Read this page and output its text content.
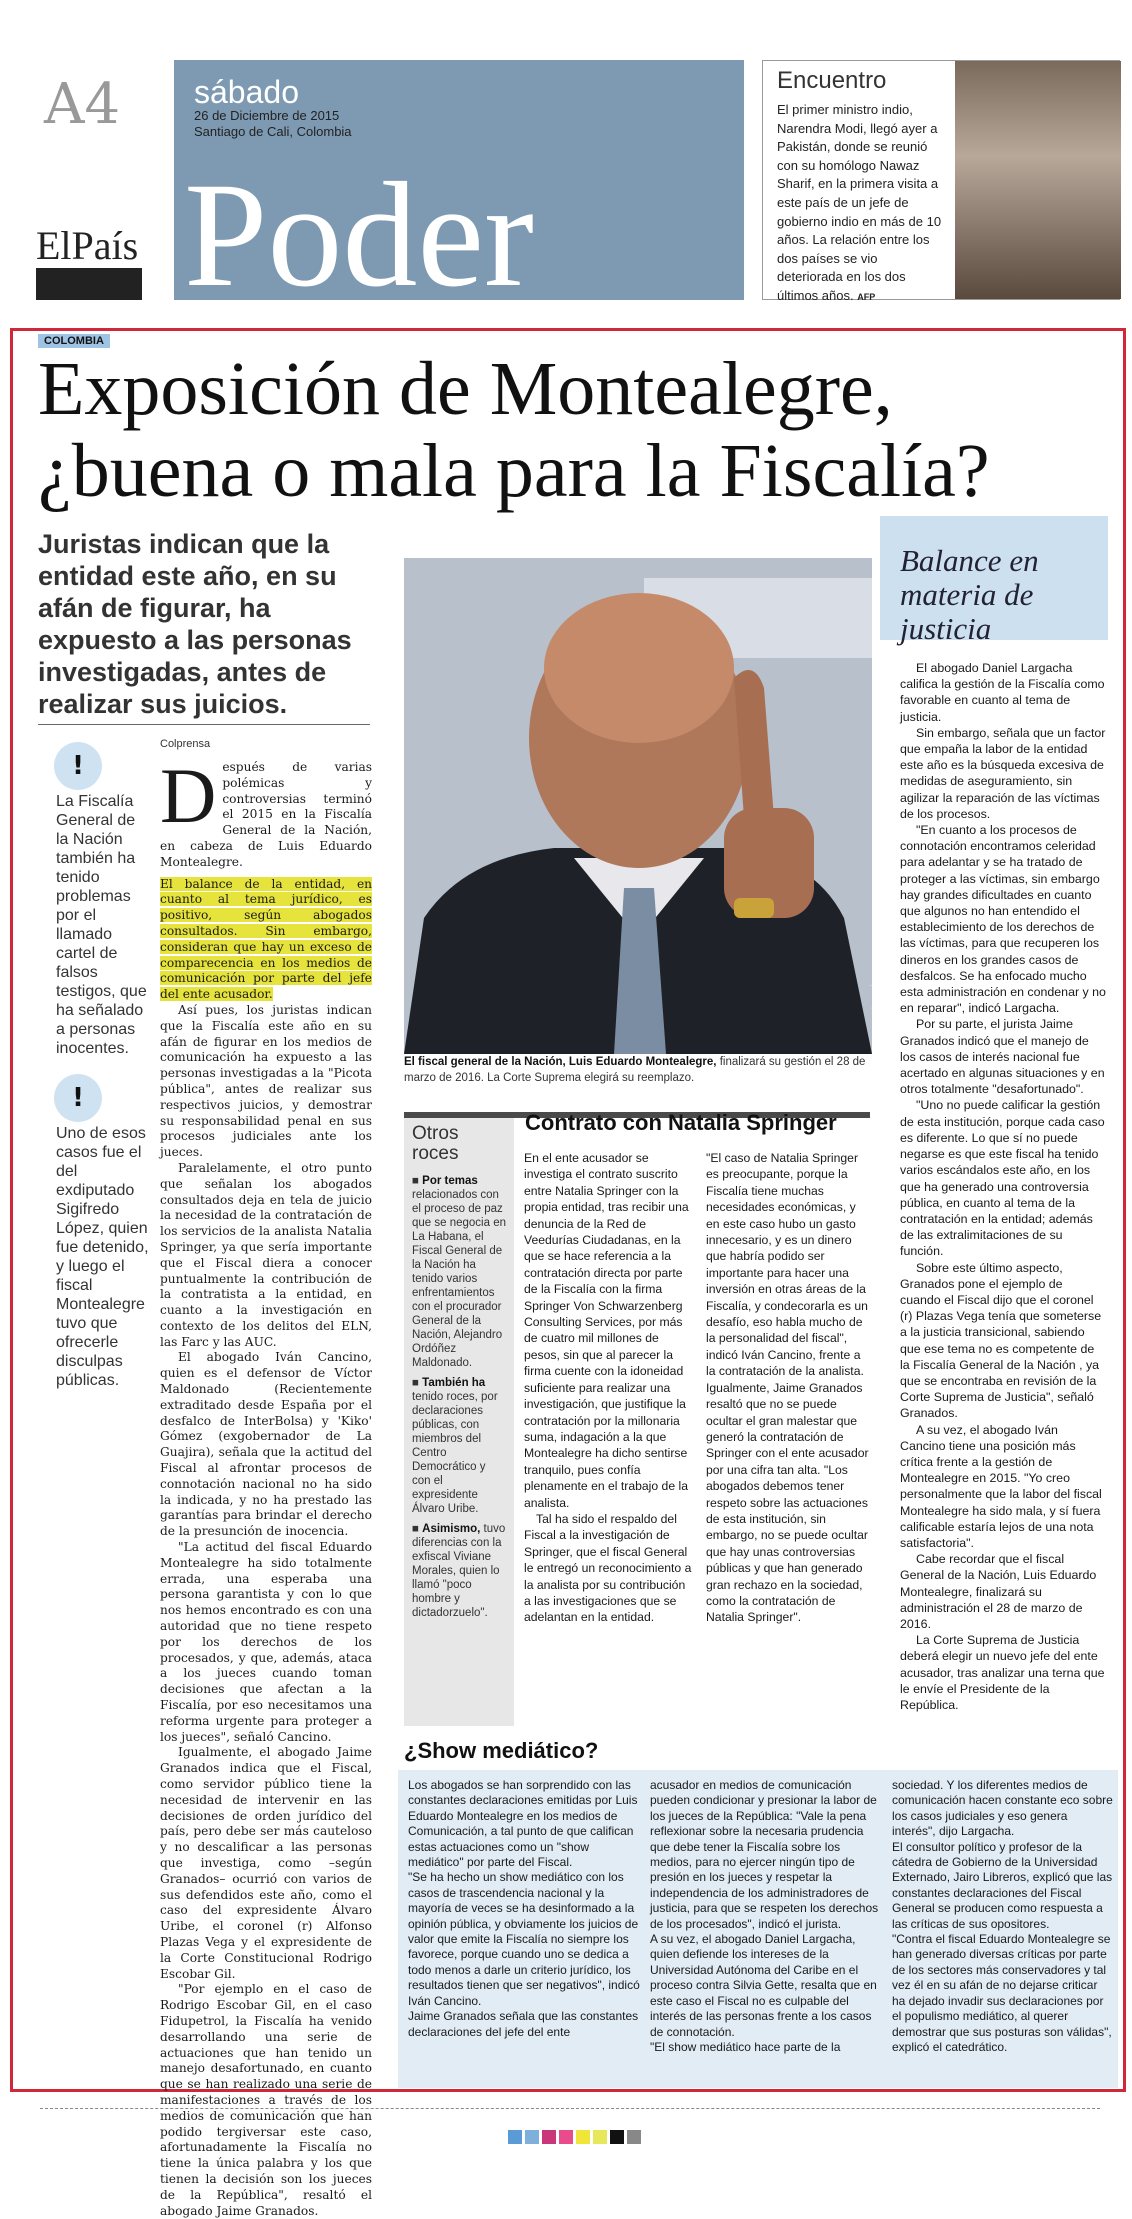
A4
ElPaís
sábado
26 de Diciembre de 2015
Santiago de Cali, Colombia
Poder
Encuentro

El primer ministro indio, Narendra Modi, llegó ayer a Pakistán, donde se reunió con su homólogo Nawaz Sharif, en la primera visita a este país de un jefe de gobierno indio en más de 10 años. La relación entre los dos países se vio deteriorada en los dos últimos años. AFP

COLOMBIA
Exposición de Montealegre, ¿buena o mala para la Fiscalía?
Juristas indican que la entidad este año, en su afán de figurar, ha expuesto a las personas investigadas, antes de realizar sus juicios.
!
La Fiscalía General de la Nación también ha tenido problemas por el llamado cartel de falsos testigos, que ha señalado a personas inocentes.
!
Uno de esos casos fue el del exdiputado Sigifredo López, quien fue detenido, y luego el fiscal Montealegre tuvo que ofrecerle disculpas públicas.
Colprensa
D espués de varias polémicas y controversias terminó el 2015 en la Fiscalía General de la Nación, en cabeza de Luis Eduardo Montealegre.

El balance de la entidad, en cuanto al tema jurídico, es positivo, según abogados consultados. Sin embargo, consideran que hay un exceso de comparecencia en los medios de comunicación por parte del jefe del ente acusador.

Así pues, los juristas indican que la Fiscalía este año en su afán de figurar en los medios de comunicación ha expuesto a las personas investigadas a la "Picota pública", antes de realizar sus respectivos juicios, y demostrar su responsabilidad penal en sus procesos judiciales ante los jueces.

Paralelamente, el otro punto que señalan los abogados consultados deja en tela de juicio la necesidad de la contratación de los servicios de la analista Natalia Springer, ya que sería importante que el Fiscal diera a conocer puntualmente la contribución de la contratista a la entidad, en cuanto a la investigación en contexto de los delitos del ELN, las Farc y las AUC.

El abogado Iván Cancino, quien es el defensor de Víctor Maldonado (Recientemente extraditado desde España por el desfalco de InterBolsa) y 'Kiko' Gómez (exgobernador de La Guajira), señala que la actitud del Fiscal al afrontar procesos de connotación nacional no ha sido la indicada, y no ha prestado las garantías para brindar el derecho de la presunción de inocencia.

"La actitud del fiscal Eduardo Montealegre ha sido totalmente errada, una esperaba una persona garantista y con lo que nos hemos encontrado es con una autoridad que no tiene respeto por los derechos de los procesados, y que, además, ataca a los jueces cuando toman decisiones que afectan a la Fiscalía, por eso necesitamos una reforma urgente para proteger a los jueces", señaló Cancino.

Igualmente, el abogado Jaime Granados indica que el Fiscal, como servidor público tiene la necesidad de intervenir en las decisiones de orden jurídico del país, pero debe ser más cauteloso y no descalificar a las personas que investiga, como –según Granados– ocurrió con varios de sus defendidos este año, como el caso del expresidente Álvaro Uribe, el coronel (r) Alfonso Plazas Vega y el expresidente de la Corte Constitucional Rodrigo Escobar Gil.

"Por ejemplo en el caso de Rodrigo Escobar Gil, en el caso Fidupetrol, la Fiscalía ha venido desarrollando una serie de actuaciones que han tenido un manejo desafortunado, en cuanto que se han realizado una serie de manifestaciones a través de los medios de comunicación que han podido tergiversar este caso, afortunadamente la Fiscalía no tiene la única palabra y los que tienen la decisión son los jueces de la República", resaltó el abogado Jaime Granados.

ARCHIVO / EL PAÍS
El fiscal general de la Nación, Luis Eduardo Montealegre, finalizará su gestión el 28 de marzo de 2016. La Corte Suprema elegirá su reemplazo.
Otros roces
■ Por temas relacionados con el proceso de paz que se negocia en La Habana, el Fiscal General de la Nación ha tenido varios enfrentamientos con el procurador General de la Nación, Alejandro Ordóñez Maldonado.
■ También ha tenido roces, por declaraciones públicas, con miembros del Centro Democrático y con el expresidente Álvaro Uribe.
■ Asimismo, tuvo diferencias con la exfiscal Viviane Morales, quien lo llamó "poco hombre y dictadorzuelo".
Contrato con Natalia Springer
En el ente acusador se investiga el contrato suscrito entre Natalia Springer con la propia entidad, tras recibir una denuncia de la Red de Veedurías Ciudadanas, en la que se hace referencia a la contratación directa por parte de la Fiscalía con la firma Springer Von Schwarzenberg Consulting Services, por más de cuatro mil millones de pesos, sin que al parecer la firma cuente con la idoneidad suficiente para realizar una investigación, que justifique la contratación por la millonaria suma, indagación a la que Montealegre ha dicho sentirse tranquilo, pues confía plenamente en el trabajo de la analista.
Tal ha sido el respaldo del Fiscal a la investigación de Springer, que el fiscal General le entregó un reconocimiento a la analista por su contribución a las investigaciones que se adelantan en la entidad.
"El caso de Natalia Springer es preocupante, porque la Fiscalía tiene muchas necesidades económicas, y en este caso hubo un gasto innecesario, y es un dinero que habría podido ser importante para hacer una inversión en otras áreas de la Fiscalía, y condecorarla es un desafío, eso habla mucho de la personalidad del fiscal", indicó Iván Cancino, frente a la contratación de la analista.
Igualmente, Jaime Granados resaltó que no se puede ocultar el gran malestar que generó la contratación de Springer con el ente acusador por una cifra tan alta. "Los abogados debemos tener respeto sobre las actuaciones de esta institución, sin embargo, no se puede ocultar que hay unas controversias públicas y que han generado gran rechazo en la sociedad, como la contratación de Natalia Springer".
Balance en materia de justicia

El abogado Daniel Largacha califica la gestión de la Fiscalía como favorable en cuanto al tema de justicia.

Sin embargo, señala que un factor que empaña la labor de la entidad este año es la búsqueda excesiva de medidas de aseguramiento, sin agilizar la reparación de las víctimas de los procesos.

"En cuanto a los procesos de connotación encontramos celeridad para adelantar y se ha tratado de proteger a las víctimas, sin embargo hay grandes dificultades en cuanto que algunos no han entendido el establecimiento de los derechos de las víctimas, para que recuperen los dineros en los grandes casos de desfalcos. Se ha enfocado mucho esta administración en condenar y no en reparar", indicó Largacha.

Por su parte, el jurista Jaime Granados indicó que el manejo de los casos de interés nacional fue acertado en algunas situaciones y en otros totalmente "desafortunado".

"Uno no puede calificar la gestión de esta institución, porque cada caso es diferente. Lo que sí no puede negarse es que este fiscal ha tenido varios escándalos este año, en los que ha generado una controversia pública, en cuanto al tema de la contratación en la entidad; además de las extralimitaciones de su función.

Sobre este último aspecto, Granados pone el ejemplo de cuando el Fiscal dijo que el coronel (r) Plazas Vega tenía que someterse a la justicia transicional, sabiendo que ese tema no es competente de la Fiscalía General de la Nación , ya que se encontraba en revisión de la Corte Suprema de Justicia", señaló Granados.

A su vez, el abogado Iván Cancino tiene una posición más crítica frente a la gestión de Montealegre en 2015. "Yo creo personalmente que la labor del fiscal Montealegre ha sido mala, y sí fuera calificable estaría lejos de una nota satisfactoria".

Cabe recordar que el fiscal General de la Nación, Luis Eduardo Montealegre, finalizará su administración el 28 de marzo de 2016.

La Corte Suprema de Justicia deberá elegir un nuevo jefe del ente acusador, tras analizar una terna que le envíe el Presidente de la República.

¿Show mediático?
Los abogados se han sorprendido con las constantes declaraciones emitidas por Luis Eduardo Montealegre en los medios de Comunicación, a tal punto de que califican estas actuaciones como un "show mediático" por parte del Fiscal.
"Se ha hecho un show mediático con los casos de trascendencia nacional y la mayoría de veces se ha desinformado a la opinión pública, y obviamente los juicios de valor que emite la Fiscalía no siempre los favorece, porque cuando uno se dedica a todo menos a darle un criterio jurídico, los resultados tienen que ser negativos", indicó Iván Cancino.
Jaime Granados señala que las constantes declaraciones del jefe del ente
acusador en medios de comunicación pueden condicionar y presionar la labor de los jueces de la República: "Vale la pena reflexionar sobre la necesaria prudencia que debe tener la Fiscalía sobre los medios, para no ejercer ningún tipo de presión en los jueces y respetar la independencia de los administradores de justicia, para que se respeten los derechos de los procesados", indicó el jurista.
A su vez, el abogado Daniel Largacha, quien defiende los intereses de la Universidad Autónoma del Caribe en el proceso contra Silvia Gette, resalta que en este caso el Fiscal no es culpable del interés de las personas frente a los casos de connotación.
"El show mediático hace parte de la
sociedad. Y los diferentes medios de comunicación hacen constante eco sobre los casos judiciales y eso genera interés", dijo Largacha.
El consultor político y profesor de la cátedra de Gobierno de la Universidad Externado, Jairo Libreros, explicó que las constantes declaraciones del Fiscal General se producen como respuesta a las críticas de sus opositores.
"Contra el fiscal Eduardo Montealegre se han generado diversas críticas por parte de los sectores más conservadores y tal vez él en su afán de no dejarse criticar ha dejado invadir sus declaraciones por el populismo mediático, al querer demostrar que sus posturas son válidas", explicó el catedrático.
